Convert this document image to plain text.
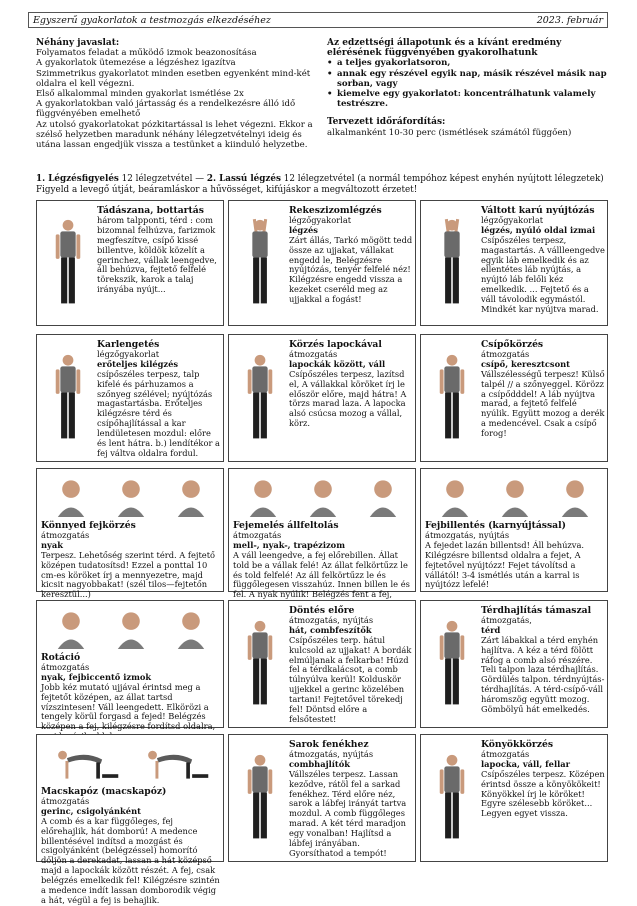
Egyszerű gyakorlatok a testmozgás elkezdéséhez	2023. február
Néhány javaslat:

Folyamatos feladat a működő izmok beazonosítása

A gyakorlatok ütemezése a légzéshez igazítva

Szimmetrikus gyakorlatot minden esetben egyenként mind-két oldalra el kell végezni.

Első alkalommal minden gyakorlat ismétlése 2x

A gyakorlatokban való jártasság és a rendelkezésre álló idő függvényében emelhető

Az utolsó gyakorlatokat pózkitartással is lehet végezni. Ekkor a szélső helyzetben maradunk néhány lélegzetvételnyi ideig és utána lassan engedjük vissza a testünket a kiinduló helyzetbe.

Az edzettségi állapotunk és a kívánt eredmény elérésének függvényében gyakorolhatunk
• a teljes gyakorlatsoron,
• annak egy részével egyik nap, másik részével másik nap sorban, vagy
• kiemelve egy gyakorlatot: koncentrálhatunk valamely testrészre.
Tervezett időráfordítás:

alkalmanként 10-30 perc (ismétlések számától függően)

1. Légzésfigyelés 12 lélegzetvétel — 2. Lassú légzés 12 lélegzetvétel (a normál tempóhoz képest enyhén nyújtott lélegzetek) Figyeld a levegő útját, beáramláskor a hűvösséget, kifújáskor a megváltozott érzetet!
Tádászana, bottartás
három talpponti, térd : com bizomnal felhúzva, farizmok megfeszítve, csípő kissé billentve, köldök közelít a gerinchez, vállak leengedve, áll behúzva, fejtető felfelé törekszik, karok a talaj irányába nyújt...
Rekeszizomlégzés
légzőgyakorlat
légzés
Zárt állás, Tarkó mögött tedd össze az ujjakat, vállakat engedd le, Belégzésre nyújtózás, tenyér felfelé néz! Kilégzésre engedd vissza a kezeket cseréld meg az ujjakkal a fogást!
Váltott karú nyújtózás
légzőgyakorlat
légzés, nyúló oldal izmai
Csípőszéles terpesz, magastartás. A vállleengedve egyik láb emelkedik és az ellentétes láb nyújtás, a nyújtó láb felőli kéz emelkedik. ... Fejtető és a váll távolodik egymástól. Mindkét kar nyújtva marad.
Karlengetés
légzőgyakorlat
erőteljes kilégzés
csípőszéles terpesz, talp kifelé és párhuzamos a szőnyeg szélével; nyújtózás magastartásba. Erőteljes kilégzésre térd és csípőhajlítással a kar lendületesen mozdul: előre és lent hátra. b.) lendítékor a fej váltva oldalra fordul.
Körzés lapockával
átmozgatás
lapockák között, váll
Csípőszéles terpesz, lazítsd el, A vállakkal köröket írj le először előre, majd hátra! A törzs marad laza. A lapocka alsó csúcsa mozog a vállal, körz.
Csípőkörzés
átmozgatás
csípő, keresztcsont
Vállszélességű terpesz! Külső talpél // a szőnyeggel. Körözz a csípődddel! A láb nyújtva marad, a fejtető felfelé nyúlik. Együtt mozog a derék a medencével. Csak a csípő forog!
Könnyed fejkörzés
átmozgatás
nyak
Terpesz. Lehetőség szerint térd. A fejtető középen tudatosítsd! Ezzel a ponttal 10 cm-es köröket írj a mennyezetre, majd kicsit nagyobbakat! (szél tilos—fejtetőn keresztül...)
Fejemelés állfeltolás
átmozgatás
mell-, nyak-, trapézizom
A váll leengedve, a fej előrebillen. Állat told be a vállak felé! Az állat felkörtűzz le és told felfelé! Az áll felkörtűzz le és függőlegesen visszahúz. Innen billen le és fel. A nyak nyúlik! Belégzés fent a fej,
Fejbillentés (karnyújtással)
átmozgatás, nyújtás
A fejedet lazán billentsd! Áll behúzva. Kilégzésre billentsd oldalra a fejet, A fejtetővel nyújtózz! Fejet távolítsd a vállától! 3-4 ismétlés után a karral is nyújtózz lefelé!
Rotáció
átmozgatás
nyak, fejbiccentő izmok
Jobb kéz mutató ujjával érintsd meg a fejtetőt középen, az állat tartsd vízszintesen! Váll leengedett. Elkörözi a tengely körül forgasd a fejed! Belégzés középen a fej, kilégzésre fordítsd oldalra,
Döntés előre
átmozgatás, nyújtás
hát, combfeszítők
Csípőszéles terp. hátul kulcsold az ujjakat! A bordák elmúljanak a felkarba! Húzd fel a térdkalácsot, a comb túlnyúlva kerül! Kolduskör ujjekkel a gerinc közelében tartani! Fejtetővel törekedj fel! Döntsd előre a felsőtestet!
Térdhajlítás támaszal
átmozgatás,
térd
Zárt lábakkal a térd enyhén hajlítva. A kéz a térd fölött ráfog a comb alsó részére. Teli talpon laza térdhajlítás. Gördülés talpon. térdnyújtás-térdhajlítás. A térd-csípő-váll háromszög együtt mozog. Gömbölyű hát emelkedés.
Macskapóz (macskapóz)
átmozgatás
gerinc, csigolyánként
A comb és a kar függőleges, fej előrehajlik, hát domború! A medence billentésével indítsd a mozgást és csigolyánként (belégzéssel) homorító dőljön a derekadat, lassan a hát középső majd a lapockák között részét. A fej, csak belégzés emelkedik fel! Kilégzésre szintén a medence indít lassan domborodik végig a hát, végül a fej is behajlik.
Sarok fenékhez
átmozgatás, nyújtás
combhajlítók
Vállszéles terpesz. Lassan keződve, rátöl fel a sarkad fenékhez. Térd előre néz, sarok a lábfej irányát tartva mozdul. A comb függőleges marad. A két térd maradjon egy vonalban! Hajlítsd a lábfej irányában. Gyorsíthatod a tempót!
Könyökkörzés
átmozgatás
lapocka, váll, fellar
Csípőszéles terpesz. Középen érintsd össze a könyökökeit! Könyökkel írj le köröket! Egyre szélesebb köröket... Legyen egyet vissza.
